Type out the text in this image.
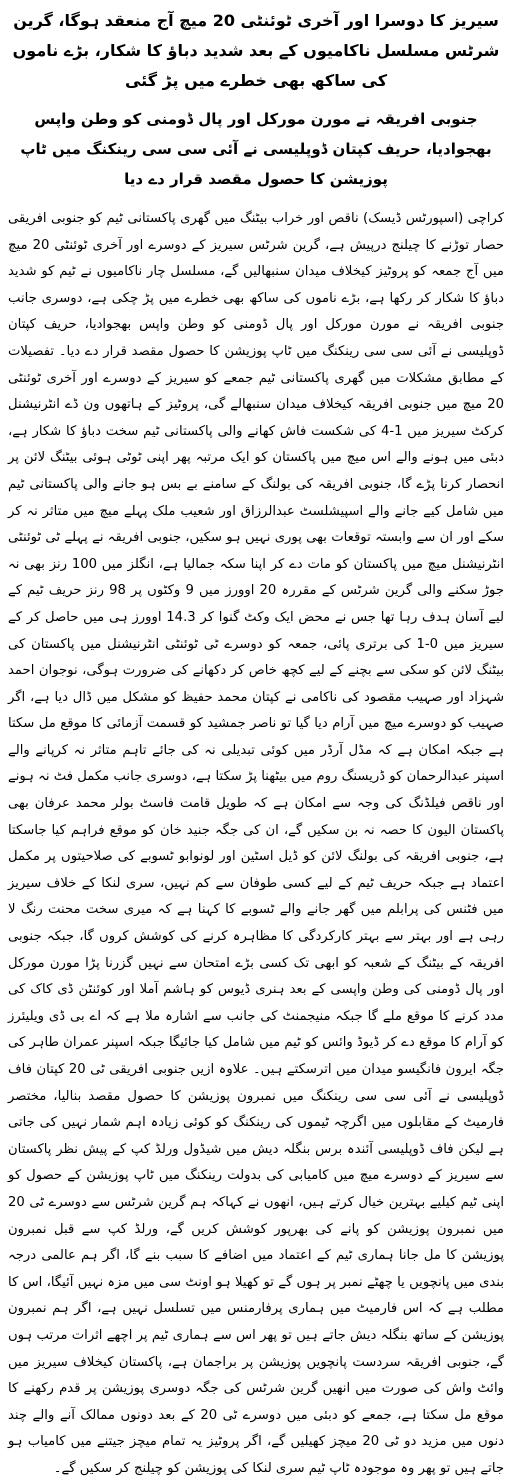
سیریز کا دوسرا اور آخری ٹوئنٹی 20 میچ آج منعقد ہوگا، گرین شرٹس مسلسل ناکامیوں کے بعد شدید دباؤ کا شکار، بڑے ناموں کی ساکھ بھی خطرے میں پڑ گئی
جنوبی افریقہ نے مورن مورکل اور پال ڈومنی کو وطن واپس بھجوادیا، حریف کپتان ڈوپلیسی نے آئی سی سی رینکنگ میں ٹاپ پوزیشن کا حصول مقصد قرار دے دیا

کراچی (اسپورٹس ڈیسک) ناقص اور خراب بیٹنگ میں گھری پاکستانی ٹیم کو جنوبی افریقی حصار توڑنے کا چیلنج درپیش ہے، گرین شرٹس سیریز کے دوسرے اور آخری ٹوئنٹی 20 میچ میں آج جمعہ کو پروٹیز کیخلاف میدان سنبھالیں گے، مسلسل چار ناکامیوں نے ٹیم کو شدید دباؤ کا شکار کر رکھا ہے، بڑے ناموں کی ساکھ بھی خطرے میں پڑ چکی ہے، دوسری جانب جنوبی افریقہ نے مورن مورکل اور پال ڈومنی کو وطن واپس بھجوادیا، حریف کپتان ڈوپلیسی نے آئی سی سی رینکنگ میں ٹاپ پوزیشن کا حصول مقصد قرار دے دیا۔ تفصیلات کے مطابق مشکلات میں گھری پاکستانی ٹیم جمعے کو سیریز کے دوسرے اور آخری ٹوئنٹی 20 میچ میں جنوبی افریقہ کیخلاف میدان سنبھالے گی، پروٹیز کے ہاتھوں ون ڈے انٹرنیشنل کرکٹ سیریز میں 1-4 کی شکست فاش کھانے والی پاکستانی ٹیم سخت دباؤ کا شکار ہے، دبئی میں ہونے والے اس میچ میں پاکستان کو ایک مرتبہ پھر اپنی ٹوٹی ہوئی بیٹنگ لائن پر انحصار کرنا پڑے گا، جنوبی افریقہ کی بولنگ کے سامنے بے بس ہو جانے والی پاکستانی ٹیم میں شامل کیے جانے والے اسپیشلسٹ عبدالرزاق اور شعیب ملک پہلے میچ میں متاثر نہ کر سکے اور ان سے وابستہ توقعات بھی پوری نہیں ہو سکیں، جنوبی افریقہ نے پہلے ٹی ٹوئنٹی انٹرنیشنل میچ میں پاکستان کو مات دے کر اپنا سکہ جمالیا ہے، انگلز میں 100 رنز بھی نہ جوڑ سکنے والی گرین شرٹس کے مقررہ 20 اوورز میں 9 وکٹوں پر 98 رنز حریف ٹیم کے لیے آسان ہدف رہا تھا جس نے محض ایک وکٹ گنوا کر 14.3 اوورز ہی میں حاصل کر کے سیریز میں 0-1 کی برتری پائی، جمعہ کو دوسرے ٹی ٹوئنٹی انٹرنیشنل میں پاکستان کی بیٹنگ لائن کو سکی سے بچنے کے لیے کچھ خاص کر دکھانے کی ضرورت ہوگی، نوجوان احمد شہزاد اور صہیب مقصود کی ناکامی نے کپتان محمد حفیظ کو مشکل میں ڈال دیا ہے، اگر صہیب کو دوسرے میچ میں آرام دیا گیا تو ناصر جمشید کو قسمت آزمائی کا موقع مل سکتا ہے جبکہ امکان ہے کہ مڈل آرڈر میں کوئی تبدیلی نہ کی جائے تاہم متاثر نہ کرپانے والے اسپنر عبدالرحمان کو ڈریسنگ روم میں بیٹھنا پڑ سکتا ہے، دوسری جانب مکمل فٹ نہ ہونے اور ناقص فیلڈنگ کی وجہ سے امکان ہے کہ طویل قامت فاسٹ بولر محمد عرفان بھی پاکستان الیون کا حصہ نہ بن سکیں گے، ان کی جگہ جنید خان کو موقع فراہم کیا جاسکتا ہے، جنوبی افریقہ کی بولنگ لائن کو ڈیل اسٹین اور لونوابو ٹسوبے کی صلاحیتوں پر مکمل اعتماد ہے جبکہ حریف ٹیم کے لیے کسی طوفان سے کم نہیں، سری لنکا کے خلاف سیریز میں فٹنس کی پرابلم میں گھر جانے والے ٹسوبے کا کہنا ہے کہ میری سخت محنت رنگ لا رہی ہے اور بہتر سے بہتر کارکردگی کا مظاہرہ کرنے کی کوشش کروں گا، جبکہ جنوبی افریقہ کے بیٹنگ کے شعبہ کو ابھی تک کسی بڑے امتحان سے نہیں گزرنا پڑا مورن مورکل اور پال ڈومنی کی وطن واپسی کے بعد ہنری ڈیوس کو ہاشم آملا اور کوئنٹن ڈی کاک کی مدد کرنے کا موقع ملے گا جبکہ منیجمنٹ کی جانب سے اشارہ ملا ہے کہ اے بی ڈی ویلیئرز کو آرام کا موقع دے کر ڈیوڈ وائس کو ٹیم میں شامل کیا جائیگا جبکہ اسپنر عمران طاہر کی جگہ ایرون فانگیسو میدان میں اترسکتے ہیں۔ علاوہ ازیں جنوبی افریقی ٹی 20 کپتان فاف ڈوپلیسی نے آئی سی سی رینکنگ میں نمبرون پوزیشن کا حصول مقصد بنالیا، مختصر فارمیٹ کے مقابلوں میں اگرچہ ٹیموں کی رینکنگ کو کوئی زیادہ اہم شمار نہیں کی جاتی ہے لیکن فاف ڈوپلیسی آئندہ برس بنگلہ دیش میں شیڈول ورلڈ کپ کے پیش نظر پاکستان سے سیریز کے دوسرے میچ میں کامیابی کی بدولت رینکنگ میں ٹاپ پوزیشن کے حصول کو اپنی ٹیم کیلیے بہترین خیال کرتے ہیں، انھوں نے کہاکہ ہم گرین شرٹس سے دوسرے ٹی 20 میں نمبرون پوزیشن کو پانے کی بھرپور کوشش کریں گے، ورلڈ کپ سے قبل نمبرون پوزیشن کا مل جانا ہماری ٹیم کے اعتماد میں اضافے کا سبب بنے گا، اگر ہم عالمی درجہ بندی میں پانچویں یا چھٹے نمبر پر ہوں گے تو کھیلا ہو اونٹ سی میں مزہ نہیں آئیگا، اس کا مطلب ہے کہ اس فارمیٹ میں ہماری پرفارمنس میں تسلسل نہیں ہے، اگر ہم نمبرون پوزیشن کے ساتھ بنگلہ دیش جاتے ہیں تو پھر اس سے ہماری ٹیم پر اچھے اثرات مرتب ہوں گے، جنوبی افریقہ سردست پانچویں پوزیشن پر براجمان ہے، پاکستان کیخلاف سیریز میں وائٹ واش کی صورت میں انھیں گرین شرٹس کی جگہ دوسری پوزیشن پر قدم رکھنے کا موقع مل سکتا ہے، جمعے کو دبئی میں دوسرے ٹی 20 کے بعد دونوں ممالک آنے والے چند دنوں میں مزید دو ٹی 20 میچز کھیلیں گے، اگر پروٹیز یہ تمام میچز جیتنے میں کامیاب ہو جاتے ہیں تو پھر وہ موجودہ ٹاپ ٹیم سری لنکا کی پوزیشن کو چیلنج کر سکیں گے۔
